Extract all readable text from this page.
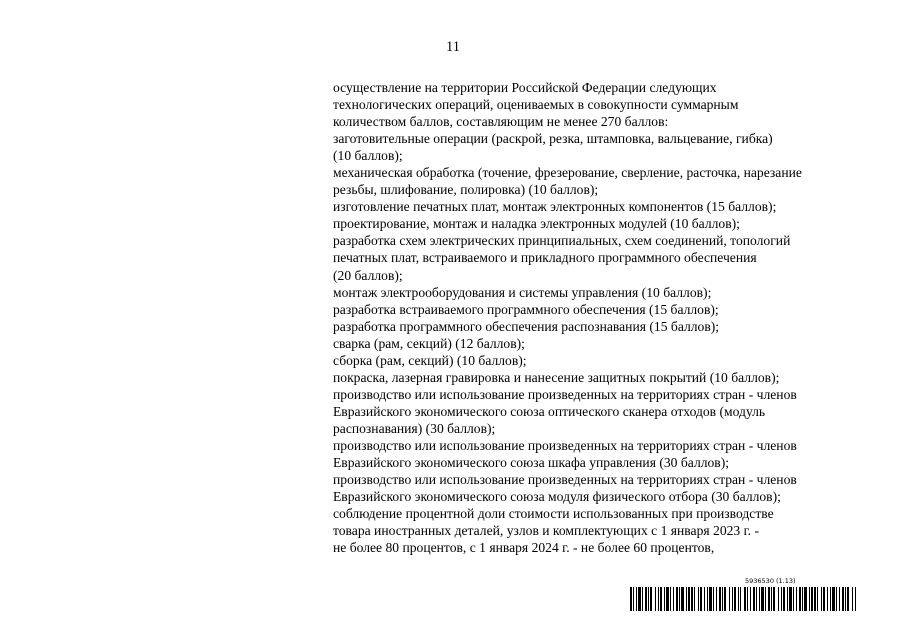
11
осуществление на территории Российской Федерации следующих
технологических операций, оцениваемых в совокупности суммарным
количеством баллов, составляющим не менее 270 баллов:
заготовительные операции (раскрой, резка, штамповка, вальцевание, гибка)
(10 баллов);
механическая обработка (точение, фрезерование, сверление, расточка, нарезание
резьбы, шлифование, полировка) (10 баллов);
изготовление печатных плат, монтаж электронных компонентов (15 баллов);
проектирование, монтаж и наладка электронных модулей (10 баллов);
разработка схем электрических принципиальных, схем соединений, топологий
печатных плат, встраиваемого и прикладного программного обеспечения
(20 баллов);
монтаж электрооборудования и системы управления (10 баллов);
разработка встраиваемого программного обеспечения (15 баллов);
разработка программного обеспечения распознавания (15 баллов);
сварка (рам, секций) (12 баллов);
сборка (рам, секций) (10 баллов);
покраска, лазерная гравировка и нанесение защитных покрытий (10 баллов);
производство или использование произведенных на территориях стран - членов
Евразийского экономического союза оптического сканера отходов (модуль
распознавания) (30 баллов);
производство или использование произведенных на территориях стран - членов
Евразийского экономического союза шкафа управления (30 баллов);
производство или использование произведенных на территориях стран - членов
Евразийского экономического союза модуля физического отбора (30 баллов);
соблюдение процентной доли стоимости использованных при производстве
товара иностранных деталей, узлов и комплектующих с 1 января 2023 г. -
не более 80 процентов, с 1 января 2024 г. - не более 60 процентов,
5936530 (1.13)
